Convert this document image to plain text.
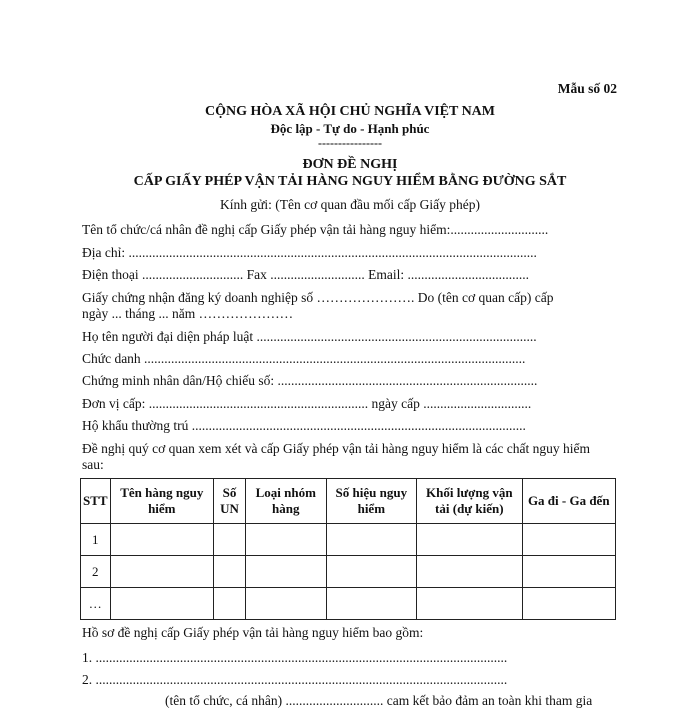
Mẫu số 02
CỘNG HÒA XÃ HỘI CHỦ NGHĨA VIỆT NAM
Độc lập - Tự do - Hạnh phúc
----------------
ĐƠN ĐỀ NGHỊ
CẤP GIẤY PHÉP VẬN TẢI HÀNG NGUY HIỂM BẰNG ĐƯỜNG SẮT
Kính gửi: (Tên cơ quan đầu mối cấp Giấy phép)
Tên tổ chức/cá nhân đề nghị cấp Giấy phép vận tải hàng nguy hiểm:.............................
Địa chỉ: .........................................................................................................................
Điện thoại .............................. Fax ............................ Email: ....................................
Giấy chứng nhận đăng ký doanh nghiệp số …………………. Do (tên cơ quan cấp) cấp
ngày ... tháng ... năm …………………
Họ tên người đại diện pháp luật ...................................................................................
Chức danh .................................................................................................................
Chứng minh nhân dân/Hộ chiếu số: .............................................................................
Đơn vị cấp: ................................................................. ngày cấp ................................
Hộ khẩu thường trú ...................................................................................................
Đề nghị quý cơ quan xem xét và cấp Giấy phép vận tải hàng nguy hiểm là các chất nguy hiểm
sau:
STT	Tên hàng nguy hiểm	Số UN	Loại nhóm hàng	Số hiệu nguy hiểm	Khối lượng vận tải (dự kiến)	Ga đi - Ga đến
1						
2						
…						
Hồ sơ đề nghị cấp Giấy phép vận tải hàng nguy hiểm bao gồm:
1. ..........................................................................................................................
2. ..........................................................................................................................
(tên tổ chức, cá nhân) ............................. cam kết bảo đảm an toàn khi tham gia
